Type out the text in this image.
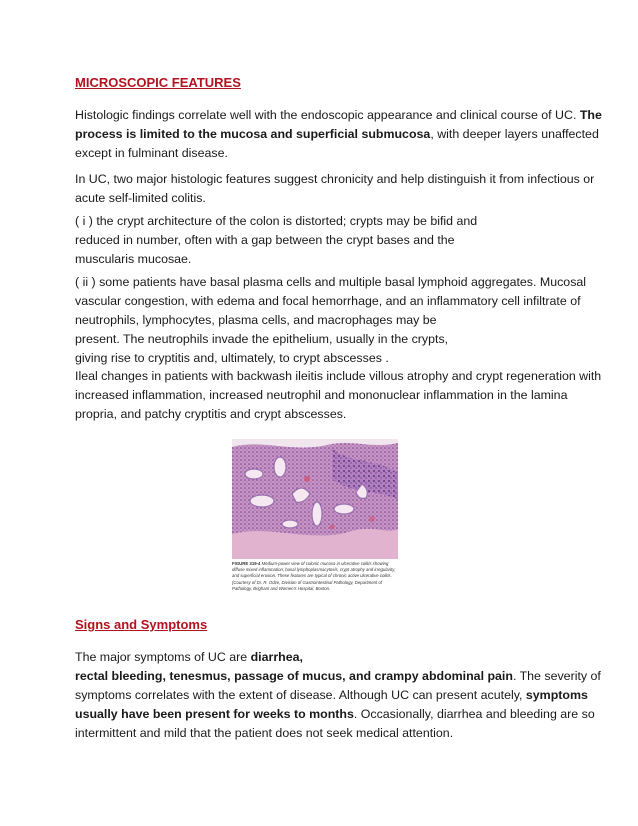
MICROSCOPIC FEATURES
Histologic findings correlate well with the endoscopic appearance and clinical course of UC. The
process is limited to the mucosa and superficial submucosa, with deeper layers unaffected
except in fulminant disease.
In UC, two major histologic features suggest chronicity and help distinguish it from infectious or
acute self-limited colitis.
( i ) the crypt architecture of the colon is distorted; crypts may be bifid and
reduced in number, often with a gap between the crypt bases and the
muscularis mucosae.
( ii ) some patients have basal plasma cells and multiple basal lymphoid aggregates. Mucosal
vascular congestion, with edema and focal hemorrhage, and an inflammatory cell infiltrate of
neutrophils, lymphocytes, plasma cells, and macrophages may be
present. The neutrophils invade the epithelium, usually in the crypts,
giving rise to cryptitis and, ultimately, to crypt abscesses .
Ileal changes in patients with backwash ileitis include villous atrophy and crypt regeneration with
increased inflammation, increased neutrophil and mononuclear inflammation in the lamina
propria, and patchy cryptitis and crypt abscesses.
Signs and Symptoms
The major symptoms of UC are diarrhea,
rectal bleeding, tenesmus, passage of mucus, and crampy abdominal pain. The severity of
symptoms correlates with the extent of disease. Although UC can present acutely, symptoms
usually have been present for weeks to months. Occasionally, diarrhea and bleeding are so
intermittent and mild that the patient does not seek medical attention.
FIGURE 319-4 Medium-power view of colonic mucosa in ulcerative colitis showing diffuse mixed inflammation, basal lymphoplasmacytosis, crypt atrophy and irregularity, and superficial erosion. These features are typical of chronic active ulcerative colitis. (Courtesy of Dr. R. Odze, Division of Gastrointestinal Pathology, Department of Pathology, Brigham and Women's Hospital, Boston.
